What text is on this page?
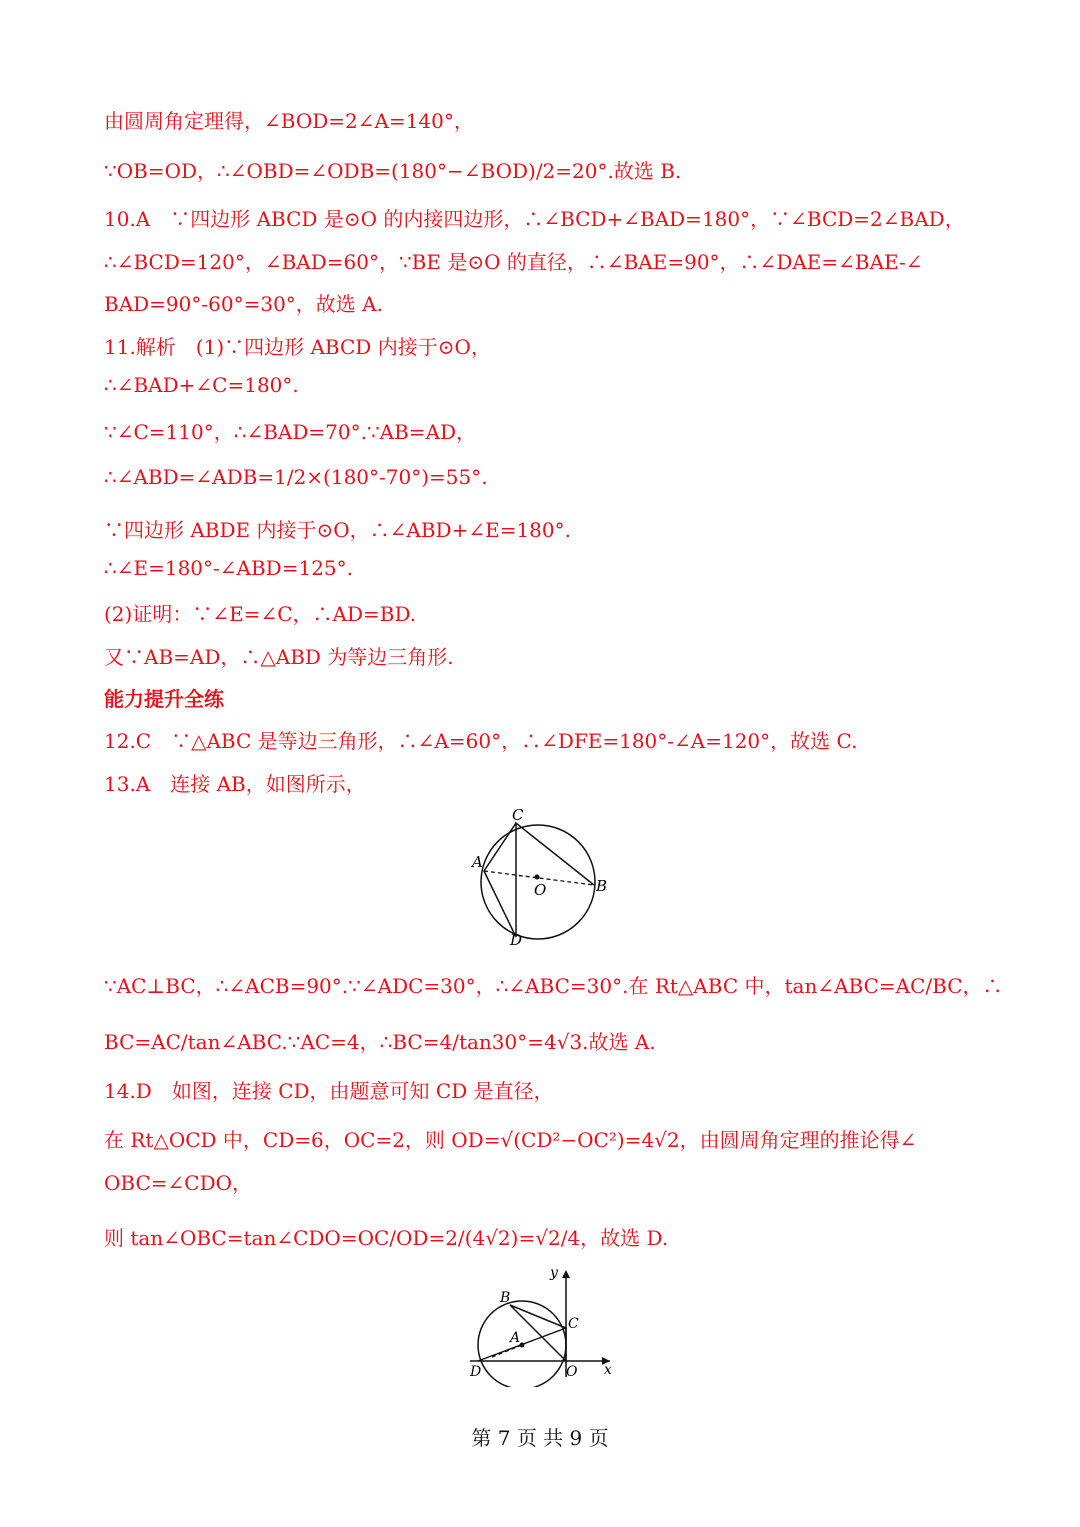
由圆周角定理得，∠BOD=2∠A=140°，
∵OB=OD，∴∠OBD=∠ODB=(180°−∠BOD)/2=20°.故选 B.
10.A　∵四边形 ABCD 是⊙O 的内接四边形，∴∠BCD+∠BAD=180°，∵∠BCD=2∠BAD，
∴∠BCD=120°，∠BAD=60°，∵BE 是⊙O 的直径，∴∠BAE=90°，∴∠DAE=∠BAE-∠
BAD=90°-60°=30°，故选 A.
11.解析　(1)∵四边形 ABCD 内接于⊙O，
∴∠BAD+∠C=180°.
∵∠C=110°，∴∠BAD=70°.∵AB=AD，
∴∠ABD=∠ADB=1/2×(180°-70°)=55°.
∵四边形 ABDE 内接于⊙O，∴∠ABD+∠E=180°.
∴∠E=180°-∠ABD=125°.
(2)证明：∵∠E=∠C，∴AD=BD.
又∵AB=AD，∴△ABD 为等边三角形.
能力提升全练
12.C　∵△ABC 是等边三角形，∴∠A=60°，∴∠DFE=180°-∠A=120°，故选 C.
13.A　连接 AB，如图所示，
C
A
O	B
D
∵AC⊥BC，∴∠ACB=90°.∵∠ADC=30°，∴∠ABC=30°.在 Rt△ABC 中，tan∠ABC=AC/BC，∴
BC=AC/tan∠ABC.∵AC=4，∴BC=4/tan30°=4√3.故选 A.
14.D　如图，连接 CD，由题意可知 CD 是直径，
在 Rt△OCD 中，CD=6，OC=2，则 OD=√(CD²−OC²)=4√2，由圆周角定理的推论得∠
OBC=∠CDO，
则 tan∠OBC=tan∠CDO=OC/OD=2/(4√2)=√2/4，故选 D.
y
B
C
A
D	O x
第 7 页 共 9 页
